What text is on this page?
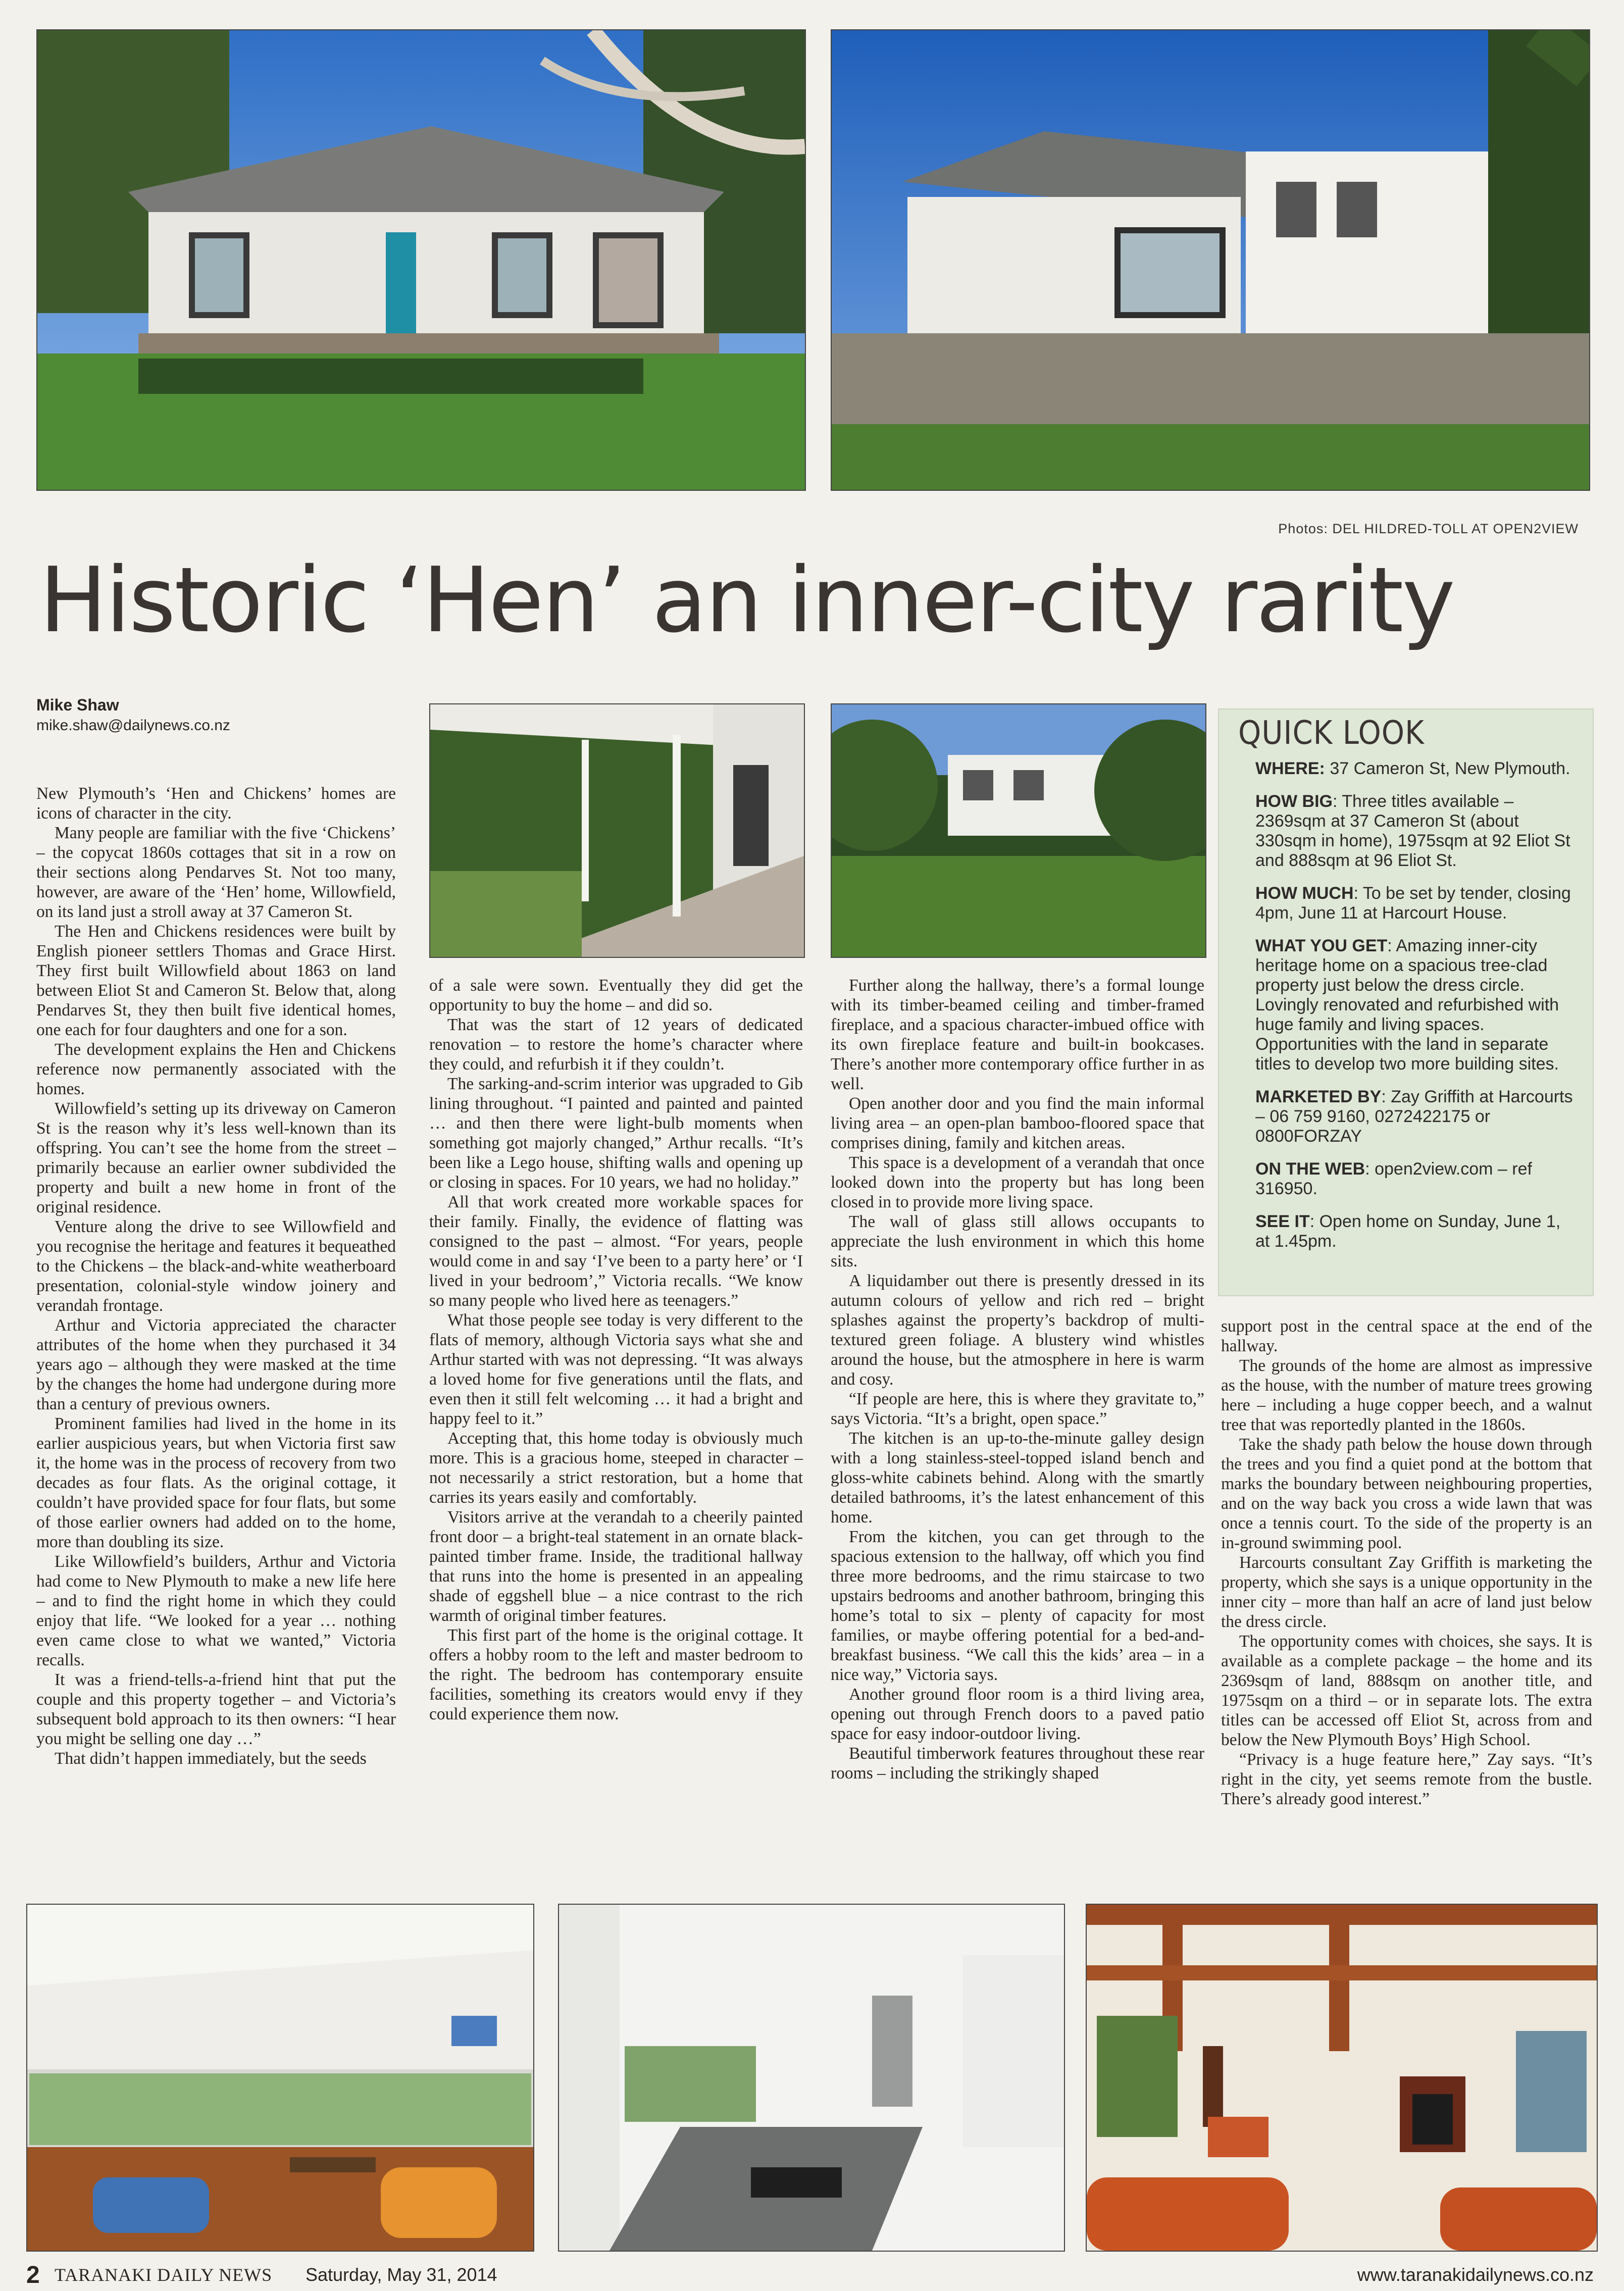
Photos: DEL HILDRED-TOLL AT OPEN2VIEW
Historic ‘Hen’ an inner-city rarity
Mike Shaw
mike.shaw@dailynews.co.nz	QUICK LOOK
WHERE: 37 Cameron St, New Plymouth.
HOW BIG: Three titles available – 2369sqm at 37 Cameron St (about 330sqm in home), 1975sqm at 92 Eliot St and 888sqm at 96 Eliot St.
HOW MUCH: To be set by tender, closing 4pm, June 11 at Harcourt House.
WHAT YOU GET: Amazing inner-city heritage home on a spacious tree-clad property just below the dress circle. Lovingly renovated and refurbished with huge family and living spaces. Opportunities with the land in separate titles to develop two more building sites.
MARKETED BY: Zay Griffith at Harcourts – 06 759 9160, 0272422175 or 0800FORZAY
ON THE WEB: open2view.com – ref 316950.
SEE IT: Open home on Sunday, June 1, at 1.45pm.

New Plymouth’s ‘Hen and Chickens’ homes are icons of character in the city.

Many people are familiar with the five ‘Chickens’ – the copycat 1860s cottages that sit in a row on their sections along Pendarves St. Not too many, however, are aware of the ‘Hen’ home, Willowfield, on its land just a stroll away at 37 Cameron St.

The Hen and Chickens residences were built by English pioneer settlers Thomas and Grace Hirst. They first built Willowfield about 1863 on land between Eliot St and Cameron St. Below that, along Pendarves St, they then built five identical homes, one each for four daughters and one for a son.

The development explains the Hen and Chickens reference now permanently associated with the homes.

Willowfield’s setting up its driveway on Cameron St is the reason why it’s less well-known than its offspring. You can’t see the home from the street – primarily because an earlier owner subdivided the property and built a new home in front of the original residence.

Venture along the drive to see Willowfield and you recognise the heritage and features it bequeathed to the Chickens – the black-and-white weatherboard presentation, colonial-style window joinery and verandah frontage.

Arthur and Victoria appreciated the character attributes of the home when they purchased it 34 years ago – although they were masked at the time by the changes the home had undergone during more than a century of previous owners.

Prominent families had lived in the home in its earlier auspicious years, but when Victoria first saw it, the home was in the process of recovery from two decades as four flats. As the original cottage, it couldn’t have provided space for four flats, but some of those earlier owners had added on to the home, more than doubling its size.

Like Willowfield’s builders, Arthur and Victoria had come to New Plymouth to make a new life here – and to find the right home in which they could enjoy that life. “We looked for a year … nothing even came close to what we wanted,” Victoria recalls.

It was a friend-tells-a-friend hint that put the couple and this property together – and Victoria’s subsequent bold approach to its then owners: “I hear you might be selling one day …”

That didn’t happen immediately, but the seeds

of a sale were sown. Eventually they did get the opportunity to buy the home – and did so.

That was the start of 12 years of dedicated renovation – to restore the home’s character where they could, and refurbish it if they couldn’t.

The sarking-and-scrim interior was upgraded to Gib lining throughout. “I painted and painted and painted … and then there were light-bulb moments when something got majorly changed,” Arthur recalls. “It’s been like a Lego house, shifting walls and opening up or closing in spaces. For 10 years, we had no holiday.”

All that work created more workable spaces for their family. Finally, the evidence of flatting was consigned to the past – almost. “For years, people would come in and say ‘I’ve been to a party here’ or ‘I lived in your bedroom’,” Victoria recalls. “We know so many people who lived here as teenagers.”

What those people see today is very different to the flats of memory, although Victoria says what she and Arthur started with was not depressing. “It was always a loved home for five generations until the flats, and even then it still felt welcoming … it had a bright and happy feel to it.”

Accepting that, this home today is obviously much more. This is a gracious home, steeped in character – not necessarily a strict restoration, but a home that carries its years easily and comfortably.

Visitors arrive at the verandah to a cheerily painted front door – a bright-teal statement in an ornate black-painted timber frame. Inside, the traditional hallway that runs into the home is presented in an appealing shade of eggshell blue – a nice contrast to the rich warmth of original timber features.

This first part of the home is the original cottage. It offers a hobby room to the left and master bedroom to the right. The bedroom has contemporary ensuite facilities, something its creators would envy if they could experience them now.

Further along the hallway, there’s a formal lounge with its timber-beamed ceiling and timber-framed fireplace, and a spacious character-imbued office with its own fireplace feature and built-in bookcases. There’s another more contemporary office further in as well.

Open another door and you find the main informal living area – an open-plan bamboo-floored space that comprises dining, family and kitchen areas.

This space is a development of a verandah that once looked down into the property but has long been closed in to provide more living space.

The wall of glass still allows occupants to appreciate the lush environment in which this home sits.

A liquidamber out there is presently dressed in its autumn colours of yellow and rich red – bright splashes against the property’s backdrop of multi-textured green foliage. A blustery wind whistles around the house, but the atmosphere in here is warm and cosy.

“If people are here, this is where they gravitate to,” says Victoria. “It’s a bright, open space.”

The kitchen is an up-to-the-minute galley design with a long stainless-steel-topped island bench and gloss-white cabinets behind. Along with the smartly detailed bathrooms, it’s the latest enhancement of this home.

From the kitchen, you can get through to the spacious extension to the hallway, off which you find three more bedrooms, and the rimu staircase to two upstairs bedrooms and another bathroom, bringing this home’s total to six – plenty of capacity for most families, or maybe offering potential for a bed-and-breakfast business. “We call this the kids’ area – in a nice way,” Victoria says.

Another ground floor room is a third living area, opening out through French doors to a paved patio space for easy indoor-outdoor living.

Beautiful timberwork features throughout these rear rooms – including the strikingly shaped

support post in the central space at the end of the hallway.

The grounds of the home are almost as impressive as the house, with the number of mature trees growing here – including a huge copper beech, and a walnut tree that was reportedly planted in the 1860s.

Take the shady path below the house down through the trees and you find a quiet pond at the bottom that marks the boundary between neighbouring properties, and on the way back you cross a wide lawn that was once a tennis court. To the side of the property is an in-ground swimming pool.

Harcourts consultant Zay Griffith is marketing the property, which she says is a unique opportunity in the inner city – more than half an acre of land just below the dress circle.

The opportunity comes with choices, she says. It is available as a complete package – the home and its 2369sqm of land, 888sqm on another title, and 1975sqm on a third – or in separate lots. The extra titles can be accessed off Eliot St, across from and below the New Plymouth Boys’ High School.

“Privacy is a huge feature here,” Zay says. “It’s right in the city, yet seems remote from the bustle. There’s already good interest.”

2 TARANAKI DAILY NEWS Saturday, May 31, 2014	www.taranakidailynews.co.nz
